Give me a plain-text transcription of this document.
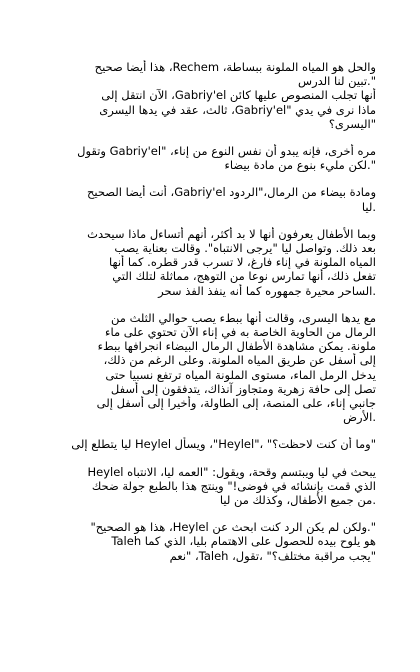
والحل هو المياه الملونة ببساطة، Rechem، هذا أيضا صحيح
".تبين لنا الدرس
أنها تجلب المنصوص عليها كائن Gabriy'el، الآن انتقل إلى
ماذا نرى في يدي "Gabriy'el، ثالث، عقد في يدها اليسرى
"اليسرى؟

مره أخرى، فإنه يبدو أن نفس النوع من إناء، "Gabriy'el وتقول
".لكن مليء بنوع من مادة بيضاء

ومادة بيضاء من الرمال،"الردود Gabriy'el، أنت أيضا الصحيح
.ليا

وبما الأطفال يعرفون أنها لا بد أكثر، أنهم أتساءل ماذا سيحدث
بعد ذلك. وتواصل ليا "يرجى الانتباه". وقالت بعناية يصب
المياه الملونة في إناء فارغ، لا تسرب قدر قطره. كما أنها
تفعل ذلك، أنها تمارس نوعا من التوهج، مماثلة لتلك التي
.الساحر محيرة جمهوره كما أنه ينفذ الفذ سحر

مع يدها اليسرى، وقالت أنها ببطء يصب حوالي الثلث من
الرمال من الحاوية الخاصة به في إناء الآن تحتوي على ماء
ملونة. يمكن مشاهدة الأطفال الرمال البيضاء انجرافها ببطء
إلى أسفل عن طريق المياه الملونة. وعلى الرغم من ذلك،
يدخل الرمل الماء، مستوى الملونة المياه ترتفع نسبيا حتى
تصل إلى حافة زهرية ومتجاوز آنذاك، يتدفقون إلى أسفل
جانبي إناء، على المنصة، إلى الطاولة، وأخيرا إلى أسفل إلى
.الأرض

"وما أن كنت لاحظت؟" ،"Heylel"، ويسأل Heylel ليا يتطلع إلى

يبحث في ليا ويبتسم وقحة، ويقول: "العمه ليا، الانتباه Heylel
الذي قمت بإنشائه في فوضى!" وينتج هذا بالطبع جولة ضحك
.من جميع الأطفال، وكذلك من ليا

".ولكن لم يكن الرد كنت ابحث عن Heylel، هذا هو الصحيح"
هو يلوح بيده للحصول على الاهتمام بليا، الذي كما Taleh
"يجب مراقبة مختلف؟" ،تقول، Taleh، "نعم
